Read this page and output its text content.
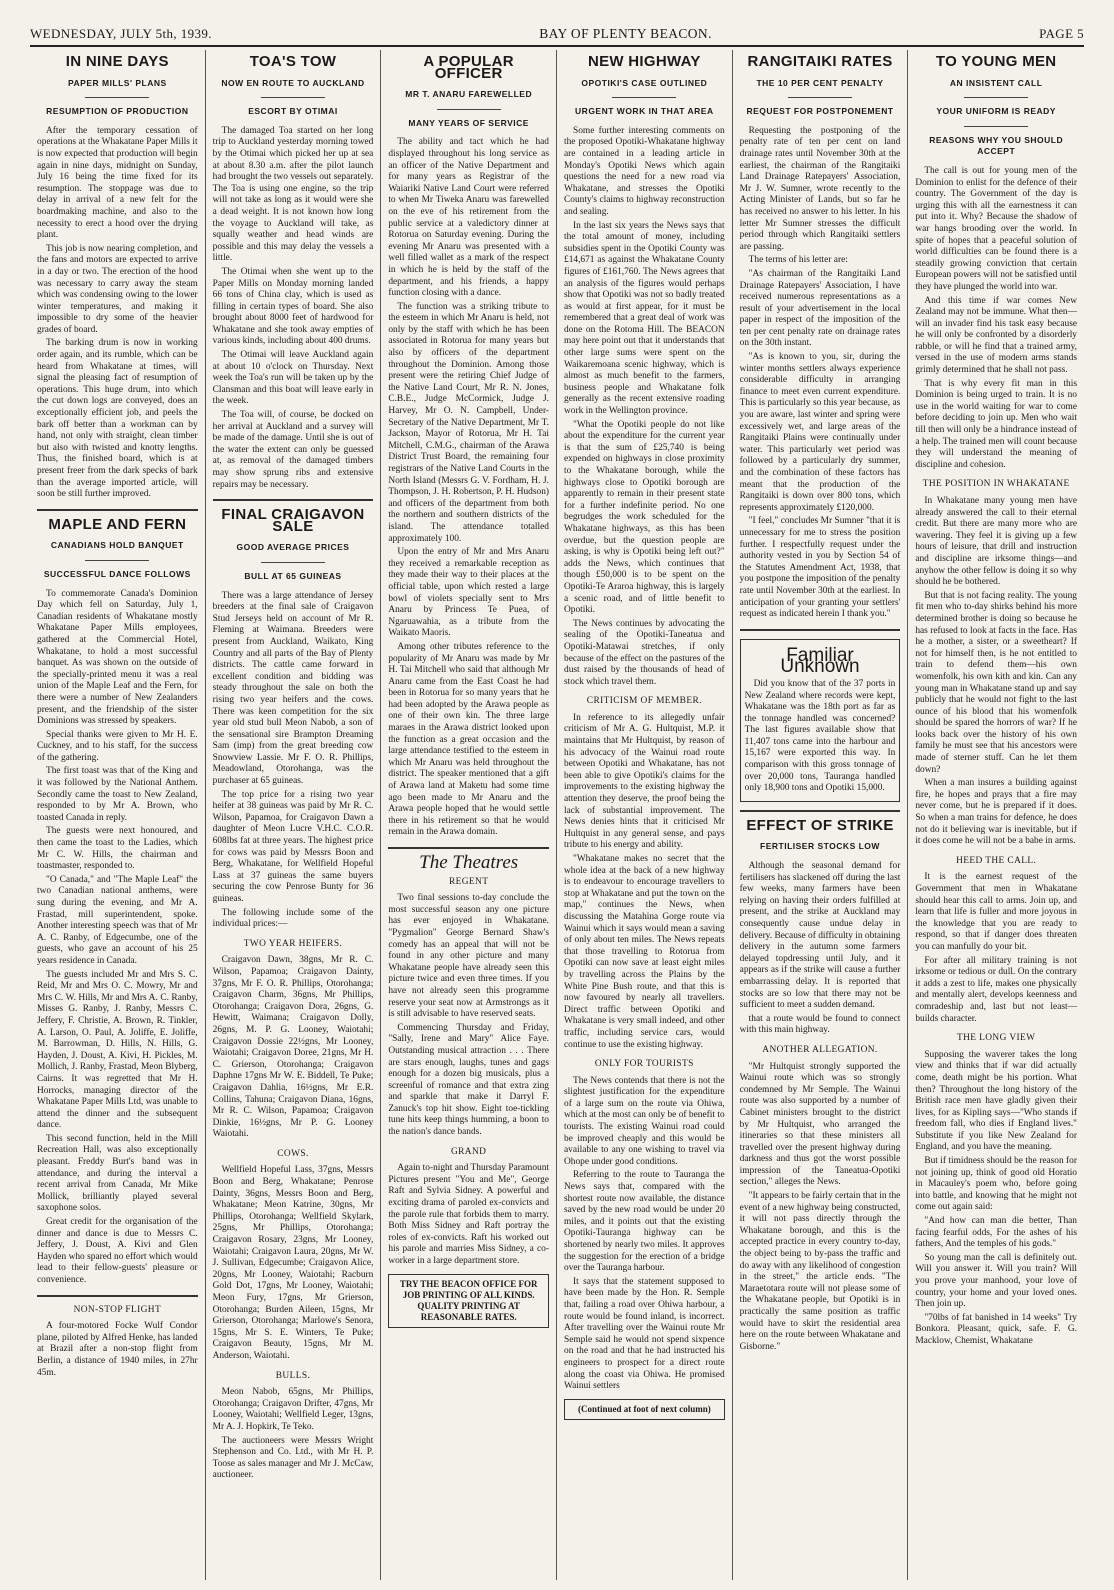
WEDNESDAY, JULY 5th, 1939.	BAY OF PLENTY BEACON.	PAGE 5
IN NINE DAYS
PAPER MILLS' PLANS
RESUMPTION OF PRODUCTION

After the temporary cessation of operations at the Whakatane Paper Mills it is now expected that production will begin again in nine days, midnight on Sunday, July 16 being the time fixed for its resumption. The stoppage was due to delay in arrival of a new felt for the boardmaking machine, and also to the necessity to erect a hood over the drying plant.

This job is now nearing completion, and the fans and motors are expected to arrive in a day or two. The erection of the hood was necessary to carry away the steam which was condensing owing to the lower winter temperatures, and making it impossible to dry some of the heavier grades of board.

The barking drum is now in working order again, and its rumble, which can be heard from Whakatane at times, will signal the pleasing fact of resumption of operations. This huge drum, into which the cut down logs are conveyed, does an exceptionally efficient job, and peels the bark off better than a workman can by hand, not only with straight, clean timber but also with twisted and knotty lengths. Thus, the finished board, which is at present freer from the dark specks of bark than the average imported article, will soon be still further improved.

MAPLE AND FERN
CANADIANS HOLD BANQUET
SUCCESSFUL DANCE FOLLOWS

To commemorate Canada's Dominion Day which fell on Saturday, July 1, Canadian residents of Whakatane mostly Whakatane Paper Mills employees, gathered at the Commercial Hotel, Whakatane, to hold a most successful banquet. As was shown on the outside of the specially-printed menu it was a real union of the Maple Leaf and the Fern, for there were a number of New Zealanders present, and the friendship of the sister Dominions was stressed by speakers.

Special thanks were given to Mr H. E. Cuckney, and to his staff, for the success of the gathering.

The first toast was that of the King and it was followed by the National Anthem. Secondly came the toast to New Zealand, responded to by Mr A. Brown, who toasted Canada in reply.

The guests were next honoured, and then came the toast to the Ladies, which Mr C. W. Hills, the chairman and toastmaster, responded to.

"O Canada," and "The Maple Leaf" the two Canadian national anthems, were sung during the evening, and Mr A. Frastad, mill superintendent, spoke. Another interesting speech was that of Mr A. C. Ranby, of Edgecumbe, one of the guests, who gave an account of his 25 years residence in Canada.

The guests included Mr and Mrs S. C. Reid, Mr and Mrs O. C. Mowry, Mr and Mrs C. W. Hills, Mr and Mrs A. C. Ranby, Misses G. Ranby, J. Ranby, Messrs C. Jeffery, F. Christie, A. Brown, R. Tinkler, A. Larson, O. Paul, A. Joliffe, E. Joliffe, M. Barrowman, D. Hills, N. Hills, G. Hayden, J. Doust, A. Kivi, H. Pickles, M. Mollich, J. Ranby, Frastad, Meon Blyberg, Cairns. It was regretted that Mr H. Horrocks, managing director of the Whakatane Paper Mills Ltd, was unable to attend the dinner and the subsequent dance.

This second function, held in the Mill Recreation Hall, was also exceptionally pleasant. Freddy Burt's band was in attendance, and during the interval a recent arrival from Canada, Mr Mike Mollick, brilliantly played several saxophone solos.

Great credit for the organisation of the dinner and dance is due to Messrs C. Jeffery, J. Doust, A. Kivi and Glen Hayden who spared no effort which would lead to their fellow-guests' pleasure or convenience.

NON-STOP FLIGHT

A four-motored Focke Wulf Condor plane, piloted by Alfred Henke, has landed at Brazil after a non-stop flight from Berlin, a distance of 1940 miles, in 27hr 45m.

TOA'S TOW
NOW EN ROUTE TO AUCKLAND
ESCORT BY OTIMAI

The damaged Toa started on her long trip to Auckland yesterday morning towed by the Otimai which picked her up at sea at about 8.30 a.m. after the pilot launch had brought the two vessels out separately. The Toa is using one engine, so the trip will not take as long as it would were she a dead weight. It is not known how long the voyage to Auckland will take, as squally weather and head winds are possible and this may delay the vessels a little.

The Otimai when she went up to the Paper Mills on Monday morning landed 66 tons of China clay, which is used as filling in certain types of board. She also brought about 8000 feet of hardwood for Whakatane and she took away empties of various kinds, including about 400 drums.

The Otimai will leave Auckland again at about 10 o'clock on Thursday. Next week the Toa's run will be taken up by the Clansman and this boat will leave early in the week.

The Toa will, of course, be docked on her arrival at Auckland and a survey will be made of the damage. Until she is out of the water the extent can only be guessed at, as removal of the damaged timbers may show sprung ribs and extensive repairs may be necessary.

FINAL CRAIGAVON SALE
GOOD AVERAGE PRICES
BULL AT 65 GUINEAS

There was a large attendance of Jersey breeders at the final sale of Craigavon Stud Jerseys held on account of Mr R. Fleming at Waimana. Breeders were present from Auckland, Waikato, King Country and all parts of the Bay of Plenty districts. The cattle came forward in excellent condition and bidding was steady throughout the sale on both the rising two year heifers and the cows. There was keen competition for the six year old stud bull Meon Nabob, a son of the sensational sire Brampton Dreaming Sam (imp) from the great breeding cow Snowview Lassie. Mr F. O. R. Phillips, Meadowland, Otorohanga, was the purchaser at 65 guineas.

The top price for a rising two year heifer at 38 guineas was paid by Mr R. C. Wilson, Papamoa, for Craigavon Dawn a daughter of Meon Lucre V.H.C. C.O.R. 608lbs fat at three years. The highest price for cows was paid by Messrs Boon and Berg, Whakatane, for Wellfield Hopeful Lass at 37 guineas the same buyers securing the cow Penrose Bunty for 36 guineas.

The following include some of the individual prices:—

TWO YEAR HEIFERS.

Craigavon Dawn, 38gns, Mr R. C. Wilson, Papamoa; Craigavon Dainty, 37gns, Mr F. O. R. Phillips, Otorohanga; Craigavon Charm, 36gns, Mr Phillips, Otorohanga; Craigavon Dora, 26gns, G. Hewitt, Waimana; Craigavon Dolly, 26gns, M. P. G. Looney, Waiotahi; Craigavon Dossie 22½gns, Mr Looney, Waiotahi; Craigavon Doree, 21gns, Mr H. C. Grierson, Otorohanga; Craigavon Daphne 17gns Mr W. E. Biddell, Te Puke; Craigavon Dahlia, 16½gns, Mr E.R. Collins, Tahuna; Craigavon Diana, 16gns, Mr R. C. Wilson, Papamoa; Craigavon Dinkie, 16½gns, Mr P. G. Looney Waiotahi.

COWS.

Wellfield Hopeful Lass, 37gns, Messrs Boon and Berg, Whakatane; Penrose Dainty, 36gns, Messrs Boon and Berg, Whakatane; Meon Katrine, 30gns, Mr Phillips, Otorohanga; Wellfield Skylark, 25gns, Mr Phillips, Otorohanga; Craigavon Rosary, 23gns, Mr Looney, Waiotahi; Craigavon Laura, 20gns, Mr W. J. Sullivan, Edgecumbe; Craigavon Alice, 20gns, Mr Looney, Waiotahi; Racburn Gold Dot, 17gns, Mr Looney, Waiotahi; Meon Fury, 17gns, Mr Grierson, Otorohanga; Burden Aileen, 15gns, Mr Grierson, Otorohanga; Marlowe's Senora, 15gns, Mr S. E. Winters, Te Puke; Craigavon Beauty, 15gns, Mr M. Anderson, Waiotahi.

BULLS.

Meon Nabob, 65gns, Mr Phillips, Otorohanga; Craigavon Drifter, 47gns, Mr Looney, Waiotahi; Wellfield Leger, 13gns, Mr A. J. Hopkirk, Te Teko.

The auctioneers were Messrs Wright Stephenson and Co. Ltd., with Mr H. P. Toose as sales manager and Mr J. McCaw, auctioneer.

A POPULAR OFFICER
MR T. ANARU FAREWELLED
MANY YEARS OF SERVICE

The ability and tact which he had displayed throughout his long service as an officer of the Native Department and for many years as Registrar of the Waiariki Native Land Court were referred to when Mr Tiweka Anaru was farewelled on the eve of his retirement from the public service at a valedictory dinner at Rotorua on Saturday evening. During the evening Mr Anaru was presented with a well filled wallet as a mark of the respect in which he is held by the staff of the department, and his friends, a happy function closing with a dance.

The function was a striking tribute to the esteem in which Mr Anaru is held, not only by the staff with which he has been associated in Rotorua for many years but also by officers of the department throughout the Dominion. Among those present were the retiring Chief Judge of the Native Land Court, Mr R. N. Jones, C.B.E., Judge McCormick, Judge J. Harvey, Mr O. N. Campbell, Under-Secretary of the Native Department, Mr T. Jackson, Mayor of Rotorua, Mr H. Tai Mitchell, C.M.G., chairman of the Arawa District Trust Board, the remaining four registrars of the Native Land Courts in the North Island (Messrs G. V. Fordham, H. J. Thompson, J. H. Robertson, P. H. Hudson) and officers of the department from both the northern and southern districts of the island. The attendance totalled approximately 100.

Upon the entry of Mr and Mrs Anaru they received a remarkable reception as they made their way to their places at the official table, upon which rested a large bowl of violets specially sent to Mrs Anaru by Princess Te Puea, of Ngaruawahia, as a tribute from the Waikato Maoris.

Among other tributes reference to the popularity of Mr Anaru was made by Mr H. Tai Mitchell who said that although Mr Anaru came from the East Coast he had been in Rotorua for so many years that he had been adopted by the Arawa people as one of their own kin. The three large maraes in the Arawa district looked upon the function as a great occasion and the large attendance testified to the esteem in which Mr Anaru was held throughout the district. The speaker mentioned that a gift of Arawa land at Maketu had some time ago been made to Mr Anaru and the Arawa people hoped that he would settle there in his retirement so that he would remain in the Arawa domain.

The Theatres
REGENT

Two final sessions to-day conclude the most successful season any one picture has ever enjoyed in Whakatane. "Pygmalion" George Bernard Shaw's comedy has an appeal that will not be found in any other picture and many Whakatane people have already seen this picture twice and even three times. If you have not already seen this programme reserve your seat now at Armstrongs as it is still advisable to have reserved seats.

Commencing Thursday and Friday, "Sally, Irene and Mary" Alice Faye. Outstanding musical attraction . . . There are stars enough, laughs, tunes and gags enough for a dozen big musicals, plus a screenful of romance and that extra zing and sparkle that make it Darryl F. Zanuck's top hit show. Eight toe-tickling tune hits keep things humming, a boon to the nation's dance bands.

GRAND

Again to-night and Thursday Paramount Pictures present "You and Me", George Raft and Sylvia Sidney. A powerful and exciting drama of paroled ex-convicts and the parole rule that forbids them to marry. Both Miss Sidney and Raft portray the roles of ex-convicts. Raft his worked out his parole and marries Miss Sidney, a co-worker in a large department store.

TRY THE BEACON OFFICE FOR JOB PRINTING OF ALL KINDS. QUALITY PRINTING AT REASONABLE RATES.
NEW HIGHWAY
OPOTIKI'S CASE OUTLINED
URGENT WORK IN THAT AREA

Some further interesting comments on the proposed Opotiki-Whakatane highway are contained in a leading article in Monday's Opotiki News which again questions the need for a new road via Whakatane, and stresses the Opotiki County's claims to highway reconstruction and sealing.

In the last six years the News says that the total amount of money, including subsidies spent in the Opotiki County was £14,671 as against the Whakatane County figures of £161,760. The News agrees that an analysis of the figures would perhaps show that Opotiki was not so badly treated as would at first appear, for it must be remembered that a great deal of work was done on the Rotoma Hill. The BEACON may here point out that it understands that other large sums were spent on the Waikaremoana scenic highway, which is almost as much benefit to the farmers, business people and Whakatane folk generally as the recent extensive roading work in the Wellington province.

"What the Opotiki people do not like about the expenditure for the current year is that the sum of £25,740 is being expended on highways in close proximity to the Whakatane borough, while the highways close to Opotiki borough are apparently to remain in their present state for a further indefinite period. No one begrudges the work scheduled for the Whakatane highways, as this has been overdue, but the question people are asking, is why is Opotiki being left out?" adds the News, which continues that though £50,000 is to be spent on the Opotiki-Te Araroa highway, this is largely a scenic road, and of little benefit to Opotiki.

The News continues by advocating the sealing of the Opotiki-Taneatua and Opotiki-Matawai stretches, if only because of the effect on the pastures of the dust raised by the thousands of head of stock which travel them.

CRITICISM OF MEMBER.

In reference to its allegedly unfair criticism of Mr A. G. Hultquist, M.P. it maintains that Mr Hultquist, by reason of his advocacy of the Wainui road route between Opotiki and Whakatane, has not been able to give Opotiki's claims for the improvements to the existing highway the attention they deserve, the proof being the lack of substantial improvement. The News denies hints that it criticised Mr Hultquist in any general sense, and pays tribute to his energy and ability.

"Whakatane makes no secret that the whole idea at the back of a new highway is to endeavour to encourage travellers to stop at Whakatane and put the town on the map," continues the News, when discussing the Matahina Gorge route via Wainui which it says would mean a saving of only about ten miles. The News repeats that those travelling to Rotorua from Opotiki can now save at least eight miles by travelling across the Plains by the White Pine Bush route, and that this is now favoured by nearly all travellers. Direct traffic between Opotiki and Whakatane is very small indeed, and other traffic, including service cars, would continue to use the existing highway.

ONLY FOR TOURISTS

The News contends that there is not the slightest justification for the expenditure of a large sum on the route via Ohiwa, which at the most can only be of benefit to tourists. The existing Wainui road could be improved cheaply and this would be available to any one wishing to travel via Ohope under good conditions.

Referring to the route to Tauranga the News says that, compared with the shortest route now available, the distance saved by the new road would be under 20 miles, and it points out that the existing Opotiki-Tauranga highway can be shortened by nearly two miles. It approves the suggestion for the erection of a bridge over the Tauranga harbour.

It says that the statement supposed to have been made by the Hon. R. Semple that, failing a road over Ohiwa harbour, a route would be found inland, is incorrect. After travelling over the Wainui route Mr Semple said he would not spend sixpence on the road and that he had instructed his engineers to prospect for a direct route along the coast via Ohiwa. He promised Wainui settlers

(Continued at foot of next column)
RANGITAIKI RATES
THE 10 PER CENT PENALTY
REQUEST FOR POSTPONEMENT

Requesting the postponing of the penalty rate of ten per cent on land drainage rates until November 30th at the earliest, the chairman of the Rangitaiki Land Drainage Ratepayers' Association, Mr J. W. Sumner, wrote recently to the Acting Minister of Lands, but so far he has received no answer to his letter. In his letter Mr Sumner stresses the difficult period through which Rangitaiki settlers are passing.

The terms of his letter are:

"As chairman of the Rangitaiki Land Drainage Ratepayers' Association, I have received numerous representations as a result of your advertisement in the local paper in respect of the imposition of the ten per cent penalty rate on drainage rates on the 30th instant.

"As is known to you, sir, during the winter months settlers always experience considerable difficulty in arranging finance to meet even current expenditure. This is particularly so this year because, as you are aware, last winter and spring were excessively wet, and large areas of the Rangitaiki Plains were continually under water. This particularly wet period was followed by a particularly dry summer, and the combination of these factors has meant that the production of the Rangitaiki is down over 800 tons, which represents approximately £120,000.

"I feel," concludes Mr Sumner "that it is unnecessary for me to stress the position further. I respectfully request under the authority vested in you by Section 54 of the Statutes Amendment Act, 1938, that you postpone the imposition of the penalty rate until November 30th at the earliest. In anticipation of your granting your settlers' request as indicated herein I thank you."

Familiar Unknown

Did you know that of the 37 ports in New Zealand where records were kept, Whakatane was the 18th port as far as the tonnage handled was concerned? The last figures available show that 11,407 tons came into the harbour and 15,167 were exported this way. In comparison with this gross tonnage of over 20,000 tons, Tauranga handled only 18,900 tons and Opotiki 15,000.

EFFECT OF STRIKE
FERTILISER STOCKS LOW

Although the seasonal demand for fertilisers has slackened off during the last few weeks, many farmers have been relying on having their orders fulfilled at present, and the strike at Auckland may consequently cause undue delay in delivery. Because of difficulty in obtaining delivery in the autumn some farmers delayed topdressing until July, and it appears as if the strike will cause a further embarrassing delay. It is reported that stocks are so low that there may not be sufficient to meet a sudden demand.

that a route would be found to connect with this main highway.

ANOTHER ALLEGATION.

"Mr Hultquist strongly supported the Wainui route which was so strongly condemned by Mr Semple. The Wainui route was also supported by a number of Cabinet ministers brought to the district by Mr Hultquist, who arranged the itineraries so that these ministers all travelled over the present highway during darkness and thus got the worst possible impression of the Taneatua-Opotiki section," alleges the News.

"It appears to be fairly certain that in the event of a new highway being constructed, it will not pass directly through the Whakatane borough, and this is the accepted practice in every country to-day, the object being to by-pass the traffic and do away with any likelihood of congestion in the street," the article ends. "The Maraetotara route will not please some of the Whakatane people, but Opotiki is in practically the same position as traffic would have to skirt the residential area here on the route between Whakatane and Gisborne."

TO YOUNG MEN
AN INSISTENT CALL
YOUR UNIFORM IS READY
REASONS WHY YOU SHOULD ACCEPT

The call is out for young men of the Dominion to enlist for the defence of their country. The Government of the day is urging this with all the earnestness it can put into it. Why? Because the shadow of war hangs brooding over the world. In spite of hopes that a peaceful solution of world difficulties can be found there is a steadily growing conviction that certain European powers will not be satisfied until they have plunged the world into war.

And this time if war comes New Zealand may not be immune. What then—will an invader find his task easy because he will only be confronted by a disorderly rabble, or will he find that a trained army, versed in the use of modern arms stands grimly determined that he shall not pass.

That is why every fit man in this Dominion is being urged to train. It is no use in the world waiting for war to come before deciding to join up. Men who wait till then will only be a hindrance instead of a help. The trained men will count because they will understand the meaning of discipline and cohesion.

THE POSITION IN WHAKATANE

In Whakatane many young men have already answered the call to their eternal credit. But there are many more who are wavering. They feel it is giving up a few hours of leisure, that drill and instruction and discipline are irksome things—and anyhow the other fellow is doing it so why should he be bothered.

But that is not facing reality. The young fit men who to-day shirks behind his more determined brother is doing so because he has refused to look at facts in the face. Has he a mother, a sister, or a sweetheart? If not for himself then, is he not entitled to train to defend them—his own womenfolk, his own kith and kin. Can any young man in Whakatane stand up and say publicly that he would not fight to the last ounce of his blood that his womenfolk should be spared the horrors of war? If he looks back over the history of his own family he must see that his ancestors were made of sterner stuff. Can he let them down?

When a man insures a building against fire, he hopes and prays that a fire may never come, but he is prepared if it does. So when a man trains for defence, he does not do it believing war is inevitable, but if it does come he will not be a babe in arms.

HEED THE CALL.

It is the earnest request of the Government that men in Whakatane should hear this call to arms. Join up, and learn that life is fuller and more joyous in the knowledge that you are ready to respond, so that if danger does threaten you can manfully do your bit.

For after all military training is not irksome or tedious or dull. On the contrary it adds a zest to life, makes one physically and mentally alert, develops keenness and comradeship and, last but not least—builds character.

THE LONG VIEW

Supposing the waverer takes the long view and thinks that if war did actually come, death might be his portion. What then? Throughout the long history of the British race men have gladly given their lives, for as Kipling says—"Who stands if freedom fall, who dies if England lives." Substitute if you like New Zealand for England, and you have the meaning.

But if timidness should be the reason for not joining up, think of good old Horatio in Macauley's poem who, before going into battle, and knowing that he might not come out again said:

"And how can man die better, Than facing fearful odds, For the ashes of his fathers, And the temples of his gods."

So young man the call is definitely out. Will you answer it. Will you train? Will you prove your manhood, your love of country, your home and your loved ones. Then join up.

"70lbs of fat banished in 14 weeks" Try Bonkora. Pleasant, quick, safe. F. G. Macklow, Chemist, Whakatane
